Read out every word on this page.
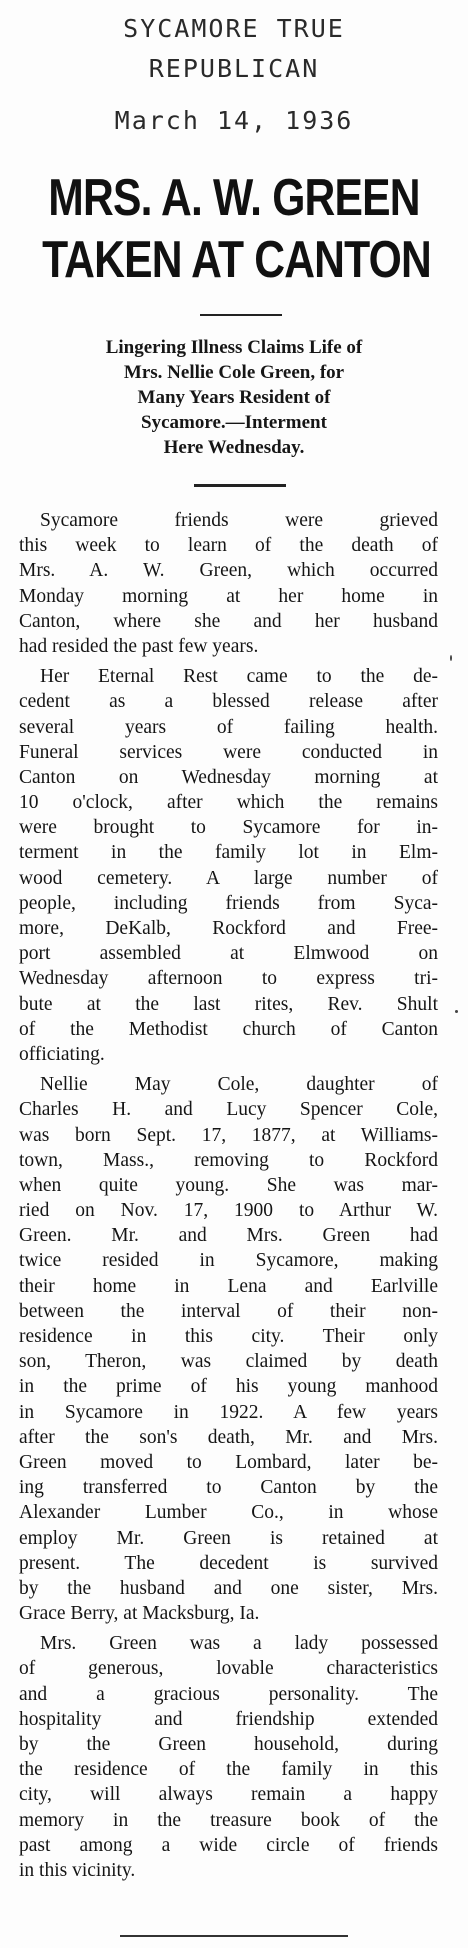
SYCAMORE TRUE
REPUBLICAN
March 14, 1936
MRS. A. W. GREEN
TAKEN AT CANTON
Lingering Illness Claims Life of
Mrs. Nellie Cole Green, for
Many Years Resident of
Sycamore.—Interment
Here Wednesday.
Sycamore friends were grieved
this week to learn of the death of
Mrs. A. W. Green, which occurred
Monday morning at her home in
Canton, where she and her husband
had resided the past few years.
Her Eternal Rest came to the de-
cedent as a blessed release after
several years of failing health.
Funeral services were conducted in
Canton on Wednesday morning at
10 o'clock, after which the remains
were brought to Sycamore for in-
terment in the family lot in Elm-
wood cemetery. A large number of
people, including friends from Syca-
more, DeKalb, Rockford and Free-
port assembled at Elmwood on
Wednesday afternoon to express tri-
bute at the last rites, Rev. Shult
of the Methodist church of Canton
officiating.
Nellie May Cole, daughter of
Charles H. and Lucy Spencer Cole,
was born Sept. 17, 1877, at Williams-
town, Mass., removing to Rockford
when quite young. She was mar-
ried on Nov. 17, 1900 to Arthur W.
Green. Mr. and Mrs. Green had
twice resided in Sycamore, making
their home in Lena and Earlville
between the interval of their non-
residence in this city. Their only
son, Theron, was claimed by death
in the prime of his young manhood
in Sycamore in 1922. A few years
after the son's death, Mr. and Mrs.
Green moved to Lombard, later be-
ing transferred to Canton by the
Alexander Lumber Co., in whose
employ Mr. Green is retained at
present. The decedent is survived
by the husband and one sister, Mrs.
Grace Berry, at Macksburg, Ia.
Mrs. Green was a lady possessed
of generous, lovable characteristics
and a gracious personality. The
hospitality and friendship extended
by the Green household, during
the residence of the family in this
city, will always remain a happy
memory in the treasure book of the
past among a wide circle of friends
in this vicinity.
